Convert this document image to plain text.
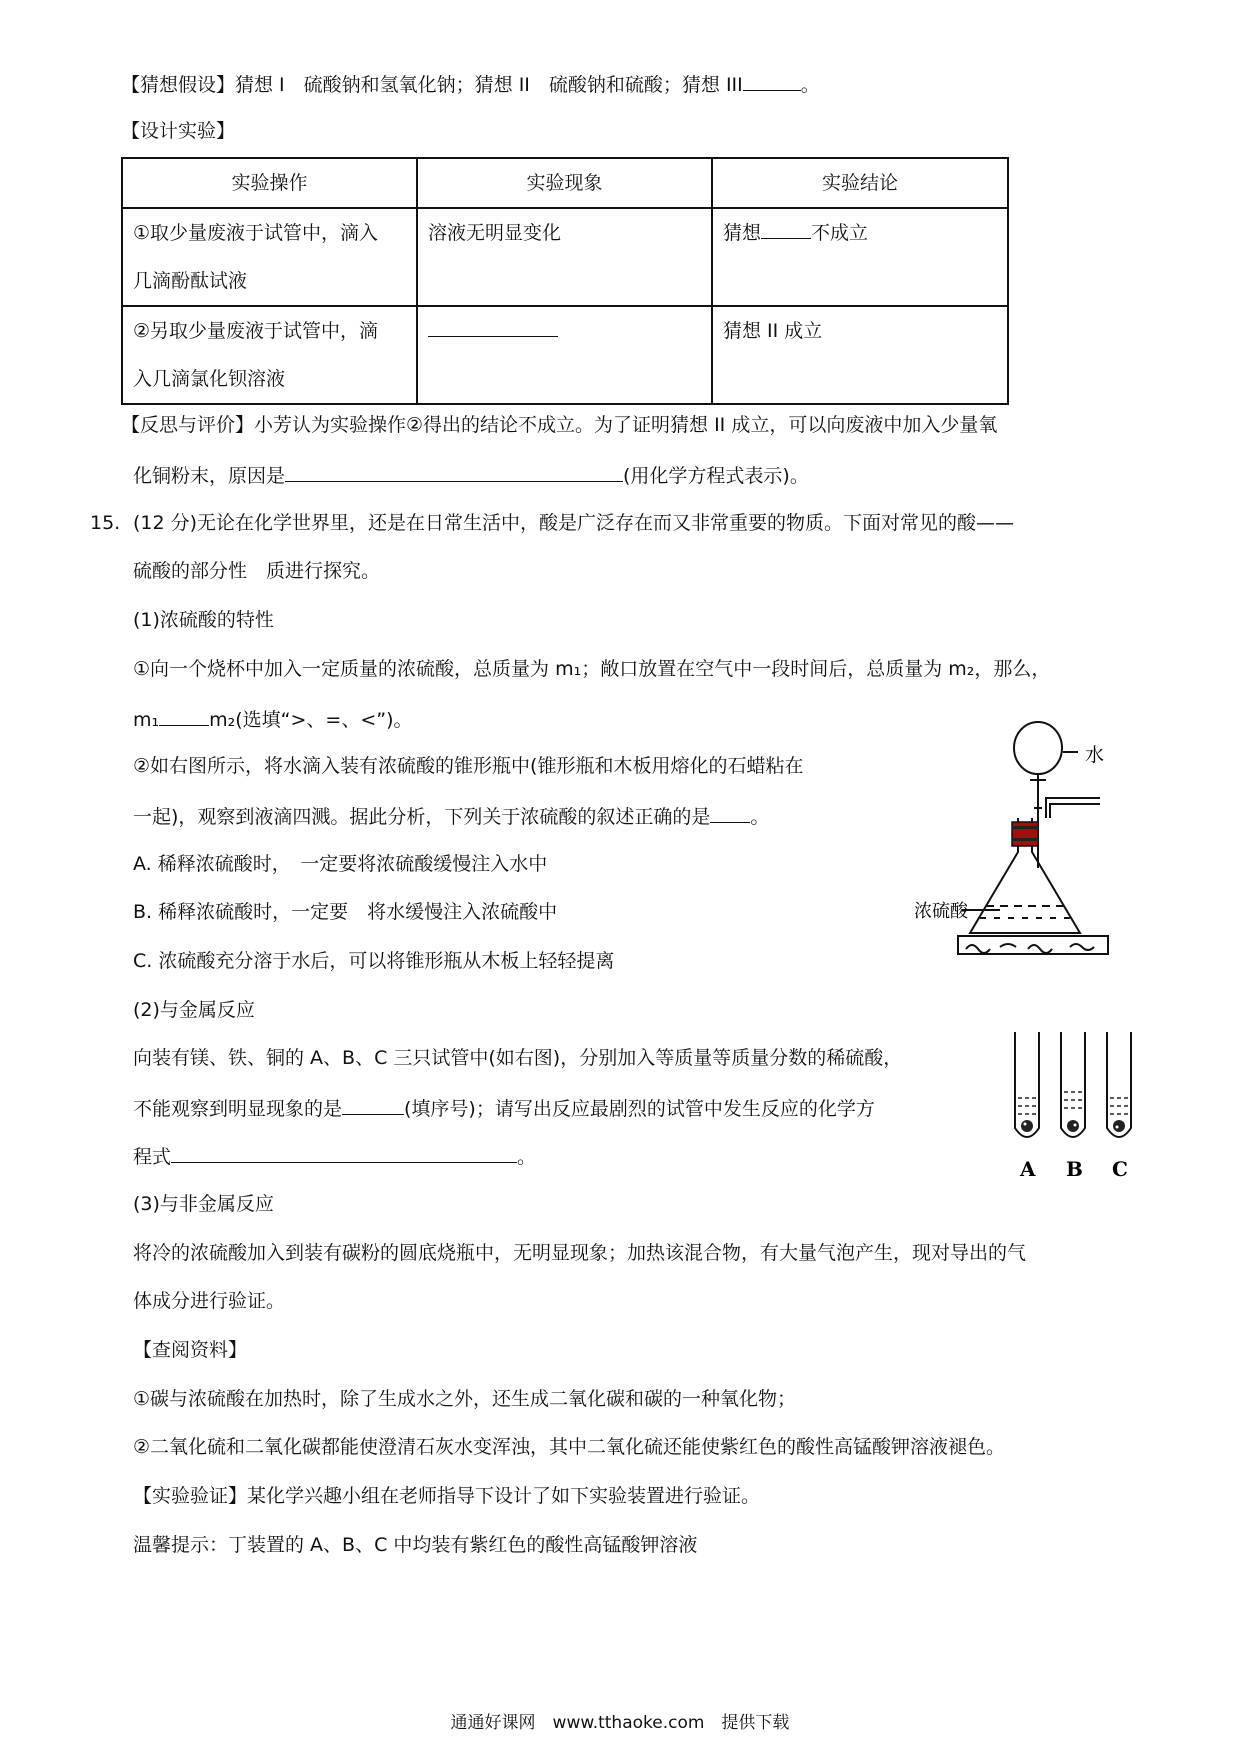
【猜想假设】猜想 I　硫酸钠和氢氧化钠；猜想 II　硫酸钠和硫酸；猜想 III	。
【设计实验】
实验操作	实验现象	实验结论

①取少量废液于试管中，滴入
几滴酚酞试液	溶液无明显变化	猜想 不成立

②另取少量废液于试管中，滴
入几滴氯化钡溶液		猜想 II 成立
【反思与评价】小芳认为实验操作②得出的结论不成立。为了证明猜想 II 成立，可以向废液中加入少量氧
化铜粉末，原因是	(用化学方程式表示)。
15. (12 分)无论在化学世界里，还是在日常生活中，酸是广泛存在而又非常重要的物质。下面对常见的酸——
硫酸的部分性　质进行探究。
(1)浓硫酸的特性
①向一个烧杯中加入一定质量的浓硫酸，总质量为 m₁；敞口放置在空气中一段时间后，总质量为 m₂，那么，
m₁	m₂(选填“>、=、<”)。
②如右图所示，将水滴入装有浓硫酸的锥形瓶中(锥形瓶和木板用熔化的石蜡粘在
一起)，观察到液滴四溅。据此分析，下列关于浓硫酸的叙述正确的是 。
A. 稀释浓硫酸时，　一定要将浓硫酸缓慢注入水中
B. 稀释浓硫酸时，一定要　将水缓慢注入浓硫酸中
C. 浓硫酸充分溶于水后，可以将锥形瓶从木板上轻轻提离
(2)与金属反应
向装有镁、铁、铜的 A、B、C 三只试管中(如右图)，分别加入等质量等质量分数的稀硫酸，
不能观察到明显现象的是	(填序号)；请写出反应最剧烈的试管中发生反应的化学方
程式	。
(3)与非金属反应
将冷的浓硫酸加入到装有碳粉的圆底烧瓶中，无明显现象；加热该混合物，有大量气泡产生，现对导出的气
体成分进行验证。
【查阅资料】
①碳与浓硫酸在加热时，除了生成水之外，还生成二氧化碳和碳的一种氧化物；
②二氧化硫和二氧化碳都能使澄清石灰水变浑浊，其中二氧化硫还能使紫红色的酸性高锰酸钾溶液褪色。
【实验验证】某化学兴趣小组在老师指导下设计了如下实验装置进行验证。
温馨提示：丁装置的 A、B、C 中均装有紫红色的酸性高锰酸钾溶液
水
浓硫酸
A B C
通通好课网　www.tthaoke.com　提供下载
